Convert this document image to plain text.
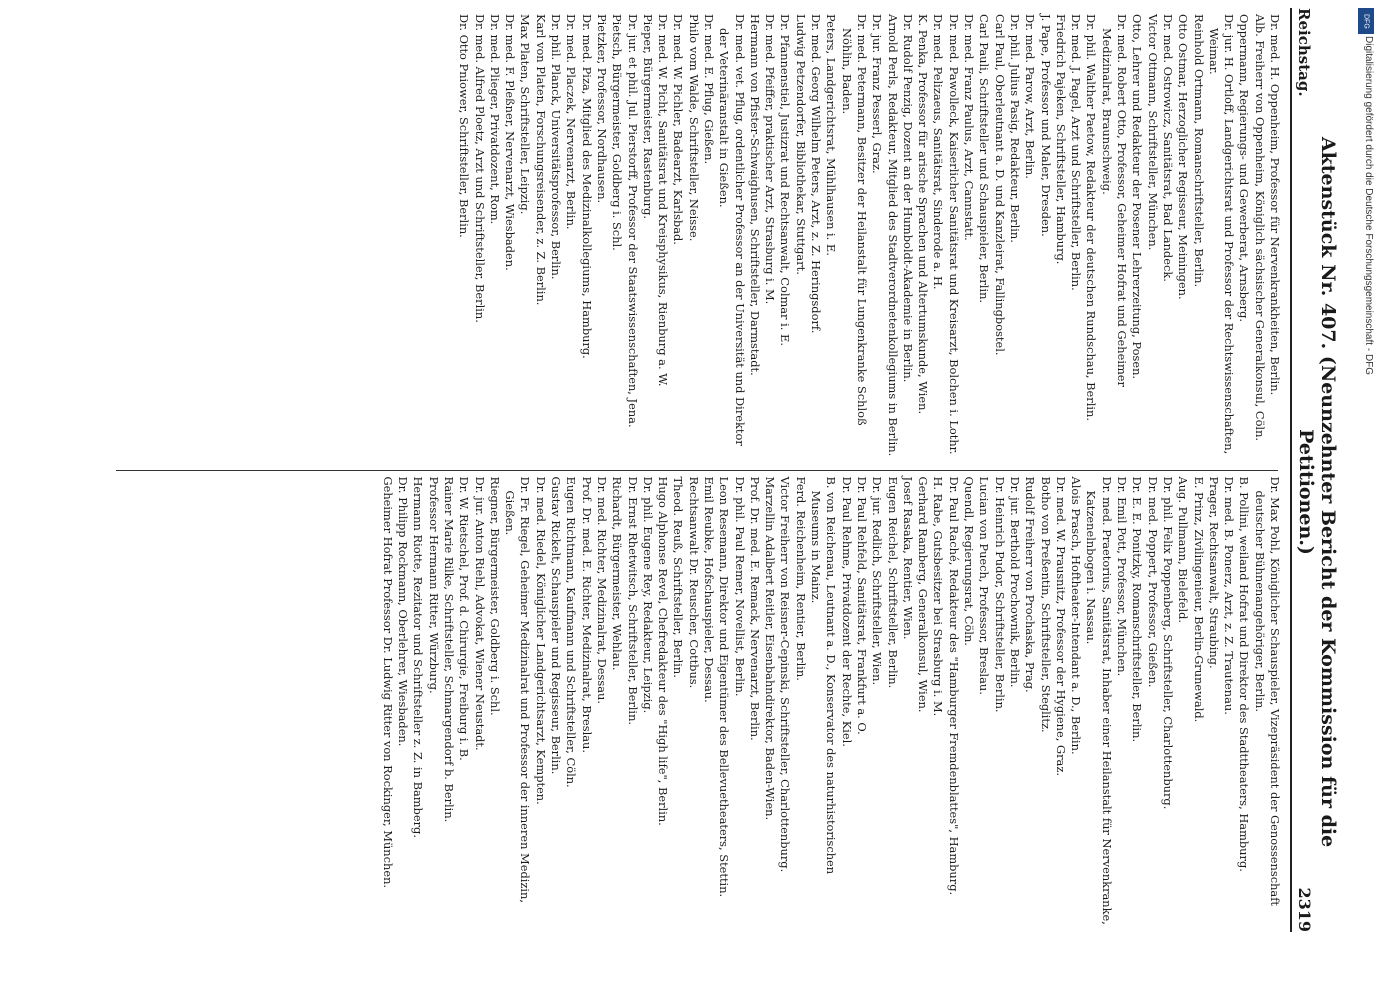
Reichstag.
Aktenstück Nr. 407. (Neunzehnter Bericht der Kommission für die Petitionen.)
2319

Dr. med. H. Oppenheim, Professor für Nervenkrankheiten, Berlin.

Alb. Freiherr von Oppenheim, Königlich sächsischer Generalkonsul, Cöln.

Oppermann, Regierungs- und Gewerberat, Arnsberg.

Dr. jur. H. Ortloff, Landgerichtsrat und Professor der Rechtswissenschaften, Weimar.

Reinhold Ortmann, Romanschriftsteller, Berlin.

Otto Ostmar, Herzoglicher Regisseur, Meiningen.

Dr. med. Ostrowicz, Sanitätsrat, Bad Landeck.

Victor Ottmann, Schriftsteller, München.

Otto, Lehrer und Redakteur der Posener Lehrerzeitung, Posen.

Dr. med. Robert Otto, Professor, Geheimer Hofrat und Geheimer Medizinalrat, Braunschweig.

Dr. phil. Walther Paetow, Redakteur der deutschen Rundschau, Berlin.

Dr. med. J. Pagel, Arzt und Schriftsteller, Berlin.

Friedrich Pajeken, Schriftsteller, Hamburg.

J. Pape, Professor und Maler, Dresden.

Dr. med. Parow, Arzt, Berlin.

Dr. phil. Julius Pasig, Redakteur, Berlin.

Carl Paul, Oberleutnant a. D. und Kanzleirat, Fallingbostel.

Carl Pauli, Schriftsteller und Schauspieler, Berlin.

Dr. med. Franz Paulus, Arzt, Cannstatt.

Dr. med. Pawolleck, Kaiserlicher Sanitätsrat und Kreisarzt, Bolchen i. Lothr.

Dr. med. Pelizaeus, Sanitätsrat, Sinderode a. H.

K. Penka, Professor für arische Sprachen und Altertumskunde, Wien.

Dr. Rudolf Penzig, Dozent an der Humboldt-Akademie in Berlin.

Arnold Perls, Redakteur, Mitglied des Stadtverordnetenkollegiums in Berlin.

Dr. jur. Franz Pesserl, Graz.

Dr. med. Petermann, Besitzer der Heilanstalt für Lungenkranke Schloß Nöhlin, Baden.

Peters, Landgerichtsrat, Mühlhausen i. E.

Dr. med. Georg Wilhelm Peters, Arzt, z. Z. Heringsdorf.

Ludwig Petzendorfer, Bibliothekar, Stuttgart.

Dr. Pfannenstiel, Justizrat und Rechtsanwalt, Colmar i. E.

Dr. med. Pfeiffer, praktischer Arzt, Strasburg i. M.

Hermann von Pfister-Schwaighusen, Schriftsteller, Darmstadt.

Dr. med. vet. Pflug, ordentlicher Professor an der Universität und Direktor der Veterinäranstalt in Gießen.

Dr. med. E. Pflug, Gießen.

Philo vom Walde, Schriftsteller, Neisse.

Dr. med. W. Pichler, Badearzt, Karlsbad.

Dr. med. W. Picht, Sanitätsrat und Kreisphysikus, Rienburg a. W.

Pieper, Bürgermeister, Rastenburg.

Dr. jur. et phil. Jul. Pierstorff, Professor der Staatswissenschaften, Jena.

Pietsch, Bürgermeister, Goldberg i. Schl.

Pietzker, Professor, Nordhausen.

Dr. med. Piza, Mitglied des Medizinalkollegiums, Hamburg.

Dr. med. Placzek, Nervenarzt, Berlin.

Dr. phil. Planck, Universitätsprofessor, Berlin.

Karl von Platen, Forschungsreisender, z. Z. Berlin.

Max Platen, Schriftsteller, Leipzig.

Dr. med. F. Pleßner, Nervenarzt, Wiesbaden.

Dr. med. Plieger, Privatdozent, Rom.

Dr. med. Alfred Ploetz, Arzt und Schriftsteller, Berlin.

Dr. Otto Pniower, Schriftsteller, Berlin.

Dr. Max Pohl, Königlicher Schauspieler, Vizepräsident der Genossenschaft deutscher Bühnenangehöriger, Berlin.

B. Pollini, weiland Hofrat und Direktor des Stadttheaters, Hamburg.

Dr. med. B. Ponerz, Arzt, z. Z. Trautenau.

Prager, Rechtsanwalt, Straubing.

E. Prinz, Zivilingenieur, Berlin-Grunewald.

Aug. Pullmann, Bielefeld.

Dr. phil. Felix Poppenberg, Schriftsteller, Charlottenburg.

Dr. med. Poppert, Professor, Gießen.

Dr. E. E. Ponitzky, Romanschriftsteller, Berlin.

Dr. Emil Pott, Professor, München.

Dr. med. Praetorius, Sanitätsrat, Inhaber einer Heilanstalt für Nervenkranke, Katzenelnbogen i. Nassau.

Alois Prasch, Hoftheater-Intendant a. D., Berlin.

Dr. med. W. Prausnitz, Professor der Hygiene, Graz.

Botho von Preßentin, Schriftsteller, Steglitz.

Rudolf Freiherr von Prochaska, Prag.

Dr. jur. Berthold Prochownik, Berlin.

Dr. Heinrich Pudor, Schriftsteller, Berlin.

Lucian von Puech, Professor, Breslau.

Quendl, Regierungsrat, Cöln.

Dr. Paul Raché, Redakteur des "Hamburger Fremdenblattes", Hamburg.

H. Rabe, Gutsbesitzer bei Strasburg i. M.

Gerhard Ramberg, Generalkonsul, Wien.

Josef Rasaka, Rentier, Wien.

Eugen Reichel, Schriftsteller, Berlin.

Dr. jur. Redlich, Schriftsteller, Wien.

Dr. Paul Rehfeld, Sanitätsrat, Frankfurt a. O.

Dr. Paul Rehme, Privatdozent der Rechte, Kiel.

B. von Reichenau, Leutnant a. D., Konservator des naturhistorischen Museums in Mainz.

Ferd. Reichenheim, Rentier, Berlin.

Victor Freiherr von Reisner-Cepinski, Schriftsteller, Charlottenburg.

Marzellin Adalbert Reitler, Eisenbahndirektor, Baden-Wien.

Prof. Dr. med. E. Remack, Nervenarzt, Berlin.

Dr. phil. Paul Remer, Novellist, Berlin.

Leon Resemann, Direktor und Eigentümer des Bellevuetheaters, Stettin.

Emil Reubke, Hofschauspieler, Dessau.

Rechtsanwalt Dr. Reuscher, Cottbus.

Theod. Reuß, Schriftsteller, Berlin.

Hugo Alphonse Revel, Chefredakteur des "High life", Berlin.

Dr. phil. Eugene Rey, Redakteur, Leipzig.

Dr. Ernst Rhetwitsch, Schriftsteller, Berlin.

Richardt, Bürgermeister, Wehlau.

Dr. med. Richter, Medizinalrat, Dessau.

Prof. Dr. med. E. Richter, Medizinalrat, Breslau.

Eugen Richtmann, Kaufmann und Schriftsteller, Cöln.

Gustav Rickelt, Schauspieler und Regisseur, Berlin.

Dr. med. Riedel, Königlicher Landgerichtsarzt, Kempten.

Dr. Fr. Riegel, Geheimer Medizinalrat und Professor der inneren Medizin, Gießen.

Riegner, Bürgermeister, Goldberg i. Schl.

Dr. jur. Anton Riehl, Advokat, Wiener Neustadt.

Dr. W. Rietschel, Prof. d. Chirurgie, Freiburg i. B.

Rainer Marie Rilke, Schriftsteller, Schmargendorf b. Berlin.

Professor Hermann Ritter, Würzburg.

Hermann Riotte, Rezitator und Schriftsteller z. Z. in Bamberg.

Dr. Philipp Rockmann, Oberlehrer, Wiesbaden.

Geheimer Hofrat Professor Dr. Ludwig Ritter von Rockinger, München.

Digitalisierung gefördert durch die Deutsche Forschungsgemeinschaft - DFG
DFG
